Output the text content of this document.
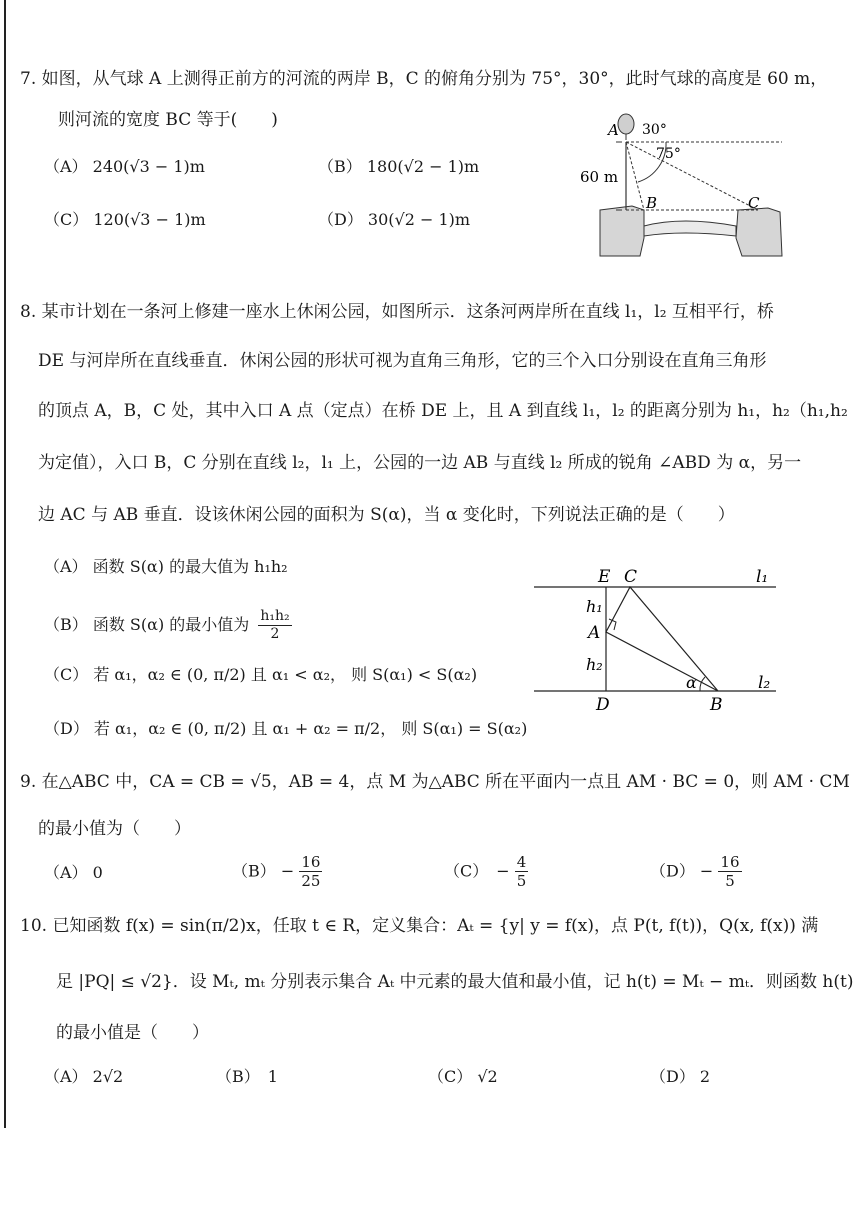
7. 如图，从气球 A 上测得正前方的河流的两岸 B，C 的俯角分别为 75°，30°，此时气球的高度是 60 m，
则河流的宽度 BC 等于(　　)
（A） 240(√3 − 1)m	（B） 180(√2 − 1)m
（C） 120(√3 − 1)m	（D） 30(√2 − 1)m
A 30°
75°
60 m
B	C
8. 某市计划在一条河上修建一座水上休闲公园，如图所示．这条河两岸所在直线 l₁，l₂ 互相平行，桥
DE 与河岸所在直线垂直．休闲公园的形状可视为直角三角形，它的三个入口分别设在直角三角形
的顶点 A，B，C 处，其中入口 A 点（定点）在桥 DE 上，且 A 到直线 l₁，l₂ 的距离分别为 h₁，h₂（h₁,h₂
为定值），入口 B，C 分别在直线 l₂，l₁ 上，公园的一边 AB 与直线 l₂ 所成的锐角 ∠ABD 为 α，另一
边 AC 与 AB 垂直．设该休闲公园的面积为 S(α)，当 α 变化时，下列说法正确的是（　　）
（A） 函数 S(α) 的最大值为 h₁h₂
（B） 函数 S(α) 的最小值为 $\frac{\text{h₁h₂}}{2}$
（C） 若 α₁，α₂ ∈ (0, π/2) 且 α₁ < α₂， 则 S(α₁) < S(α₂)
（D） 若 α₁，α₂ ∈ (0, π/2) 且 α₁ + α₂ = π/2， 则 S(α₁) = S(α₂)
E C	l₁
h₁
A
h₂
α	l₂
D	B
9. 在△ABC 中，CA = CB = √5，AB = 4，点 M 为△ABC 所在平面内一点且 AM · BC = 0，则 AM · CM
的最小值为（　　）
（A） 0	$(B) - \frac{16}{25}$	（C）　− $\frac{4}{5}$	$(D) - \frac{16}{5}$
10. 已知函数 f(x) = sin(π/2)x，任取 t ∈ R，定义集合：Aₜ = {y| y = f(x)，点 P(t, f(t))，Q(x, f(x)) 满
足 |PQ| ≤ √2}．设 Mₜ, mₜ 分别表示集合 Aₜ 中元素的最大值和最小值，记 h(t) = Mₜ − mₜ．则函数 h(t)
的最小值是（　　）
（A） 2√2	（B）　1	（C） √2	（D） 2
